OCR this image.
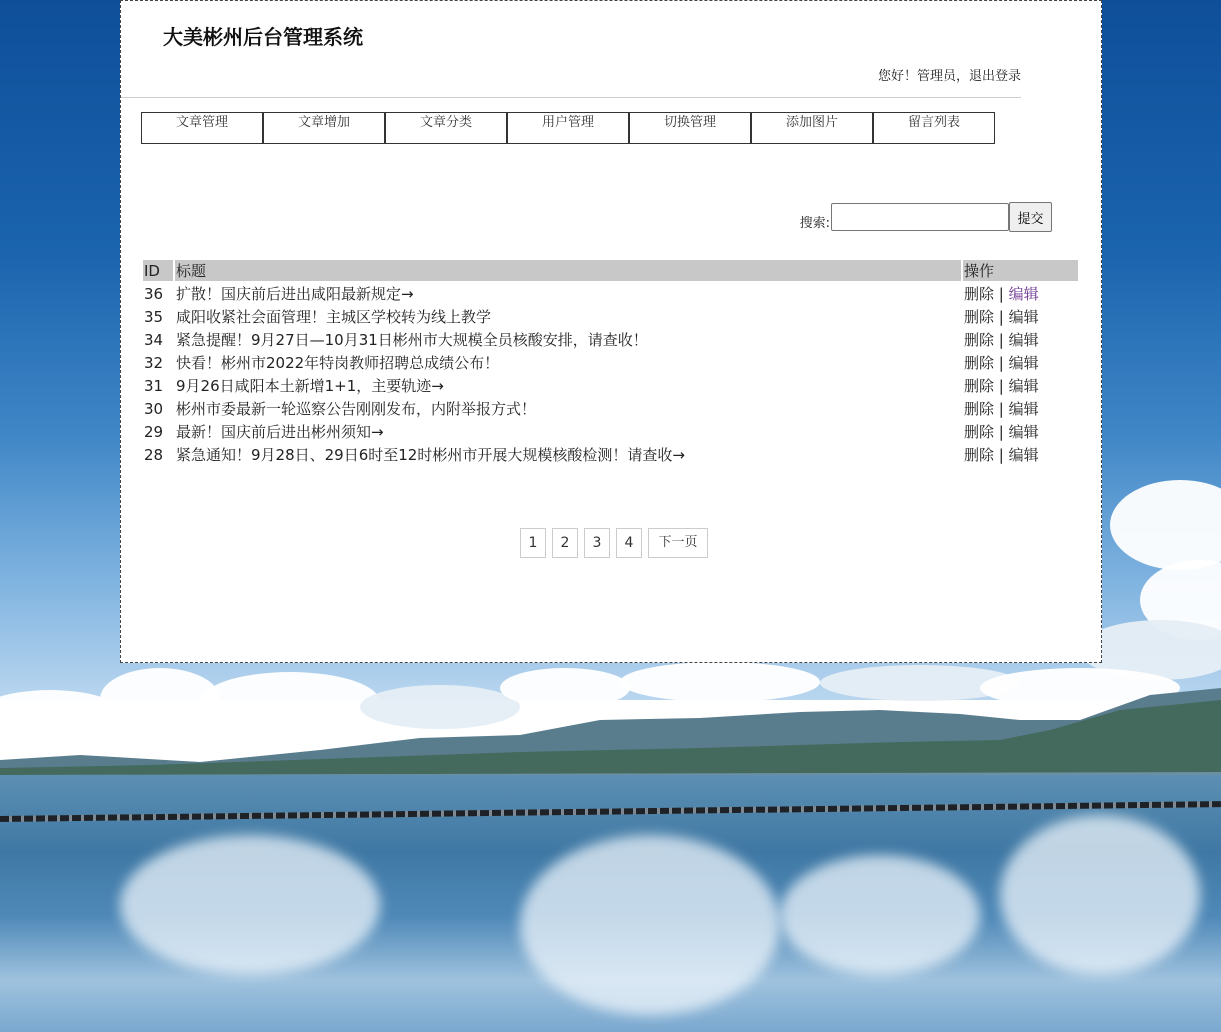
大美彬州后台管理系统
您好！管理员，退出登录
文章管理	文章增加	文章分类	用户管理	切换管理	添加图片	留言列表
搜索:	提交
ID	标题	操作
36	扩散！国庆前后进出咸阳最新规定→	删除 | 编辑
35	咸阳收紧社会面管理！主城区学校转为线上教学	删除 | 编辑
34	紧急提醒！9月27日—10月31日彬州市大规模全员核酸安排，请查收！	删除 | 编辑
32	快看！彬州市2022年特岗教师招聘总成绩公布！	删除 | 编辑
31	9月26日咸阳本土新增1+1，主要轨迹→	删除 | 编辑
30	彬州市委最新一轮巡察公告刚刚发布，内附举报方式！	删除 | 编辑
29	最新！国庆前后进出彬州须知→	删除 | 编辑
28	紧急通知！9月28日、29日6时至12时彬州市开展大规模核酸检测！请查收→	删除 | 编辑
1	2	3	4	下一页
